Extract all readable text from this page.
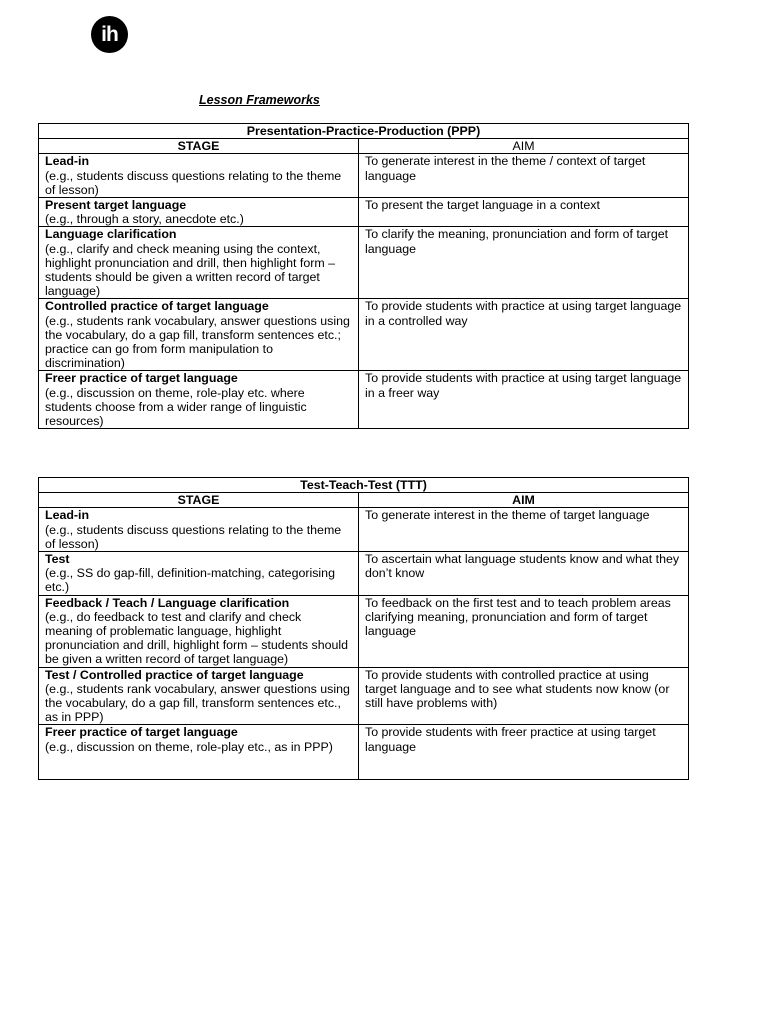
ih
Lesson Frameworks
Presentation-Practice-Production (PPP)	
STAGE	AIM

Lead-in
(e.g., students discuss questions relating to the theme of lesson)	To generate interest in the theme / context of target language

Present target language
(e.g., through a story, anecdote etc.)	To present the target language in a context

Language clarification
(e.g., clarify and check meaning using the context, highlight pronunciation and drill, then highlight form – students should be given a written record of target language)	To clarify the meaning, pronunciation and form of target language

Controlled practice of target language
(e.g., students rank vocabulary, answer questions using the vocabulary, do a gap fill, transform sentences etc.; practice can go from form manipulation to discrimination)	To provide students with practice at using target language in a controlled way

Freer practice of target language
(e.g., discussion on theme, role-play etc. where students choose from a wider range of linguistic resources)	To provide students with practice at using target language in a freer way
Test-Teach-Test (TTT)	
STAGE	AIM

Lead-in
(e.g., students discuss questions relating to the theme of lesson)	To generate interest in the theme of target language

Test
(e.g., SS do gap-fill, definition-matching, categorising etc.)	To ascertain what language students know and what they don’t know

Feedback / Teach / Language clarification
(e.g., do feedback to test and clarify and check meaning of problematic language, highlight pronunciation and drill, highlight form – students should be given a written record of target language)	To feedback on the first test and to teach problem areas clarifying meaning, pronunciation and form of target language

Test / Controlled practice of target language
(e.g., students rank vocabulary, answer questions using the vocabulary, do a gap fill, transform sentences etc., as in PPP)	To provide students with controlled practice at using target language and to see what students now know (or still have problems with)

Freer practice of target language
(e.g., discussion on theme, role-play etc., as in PPP)	To provide students with freer practice at using target language
